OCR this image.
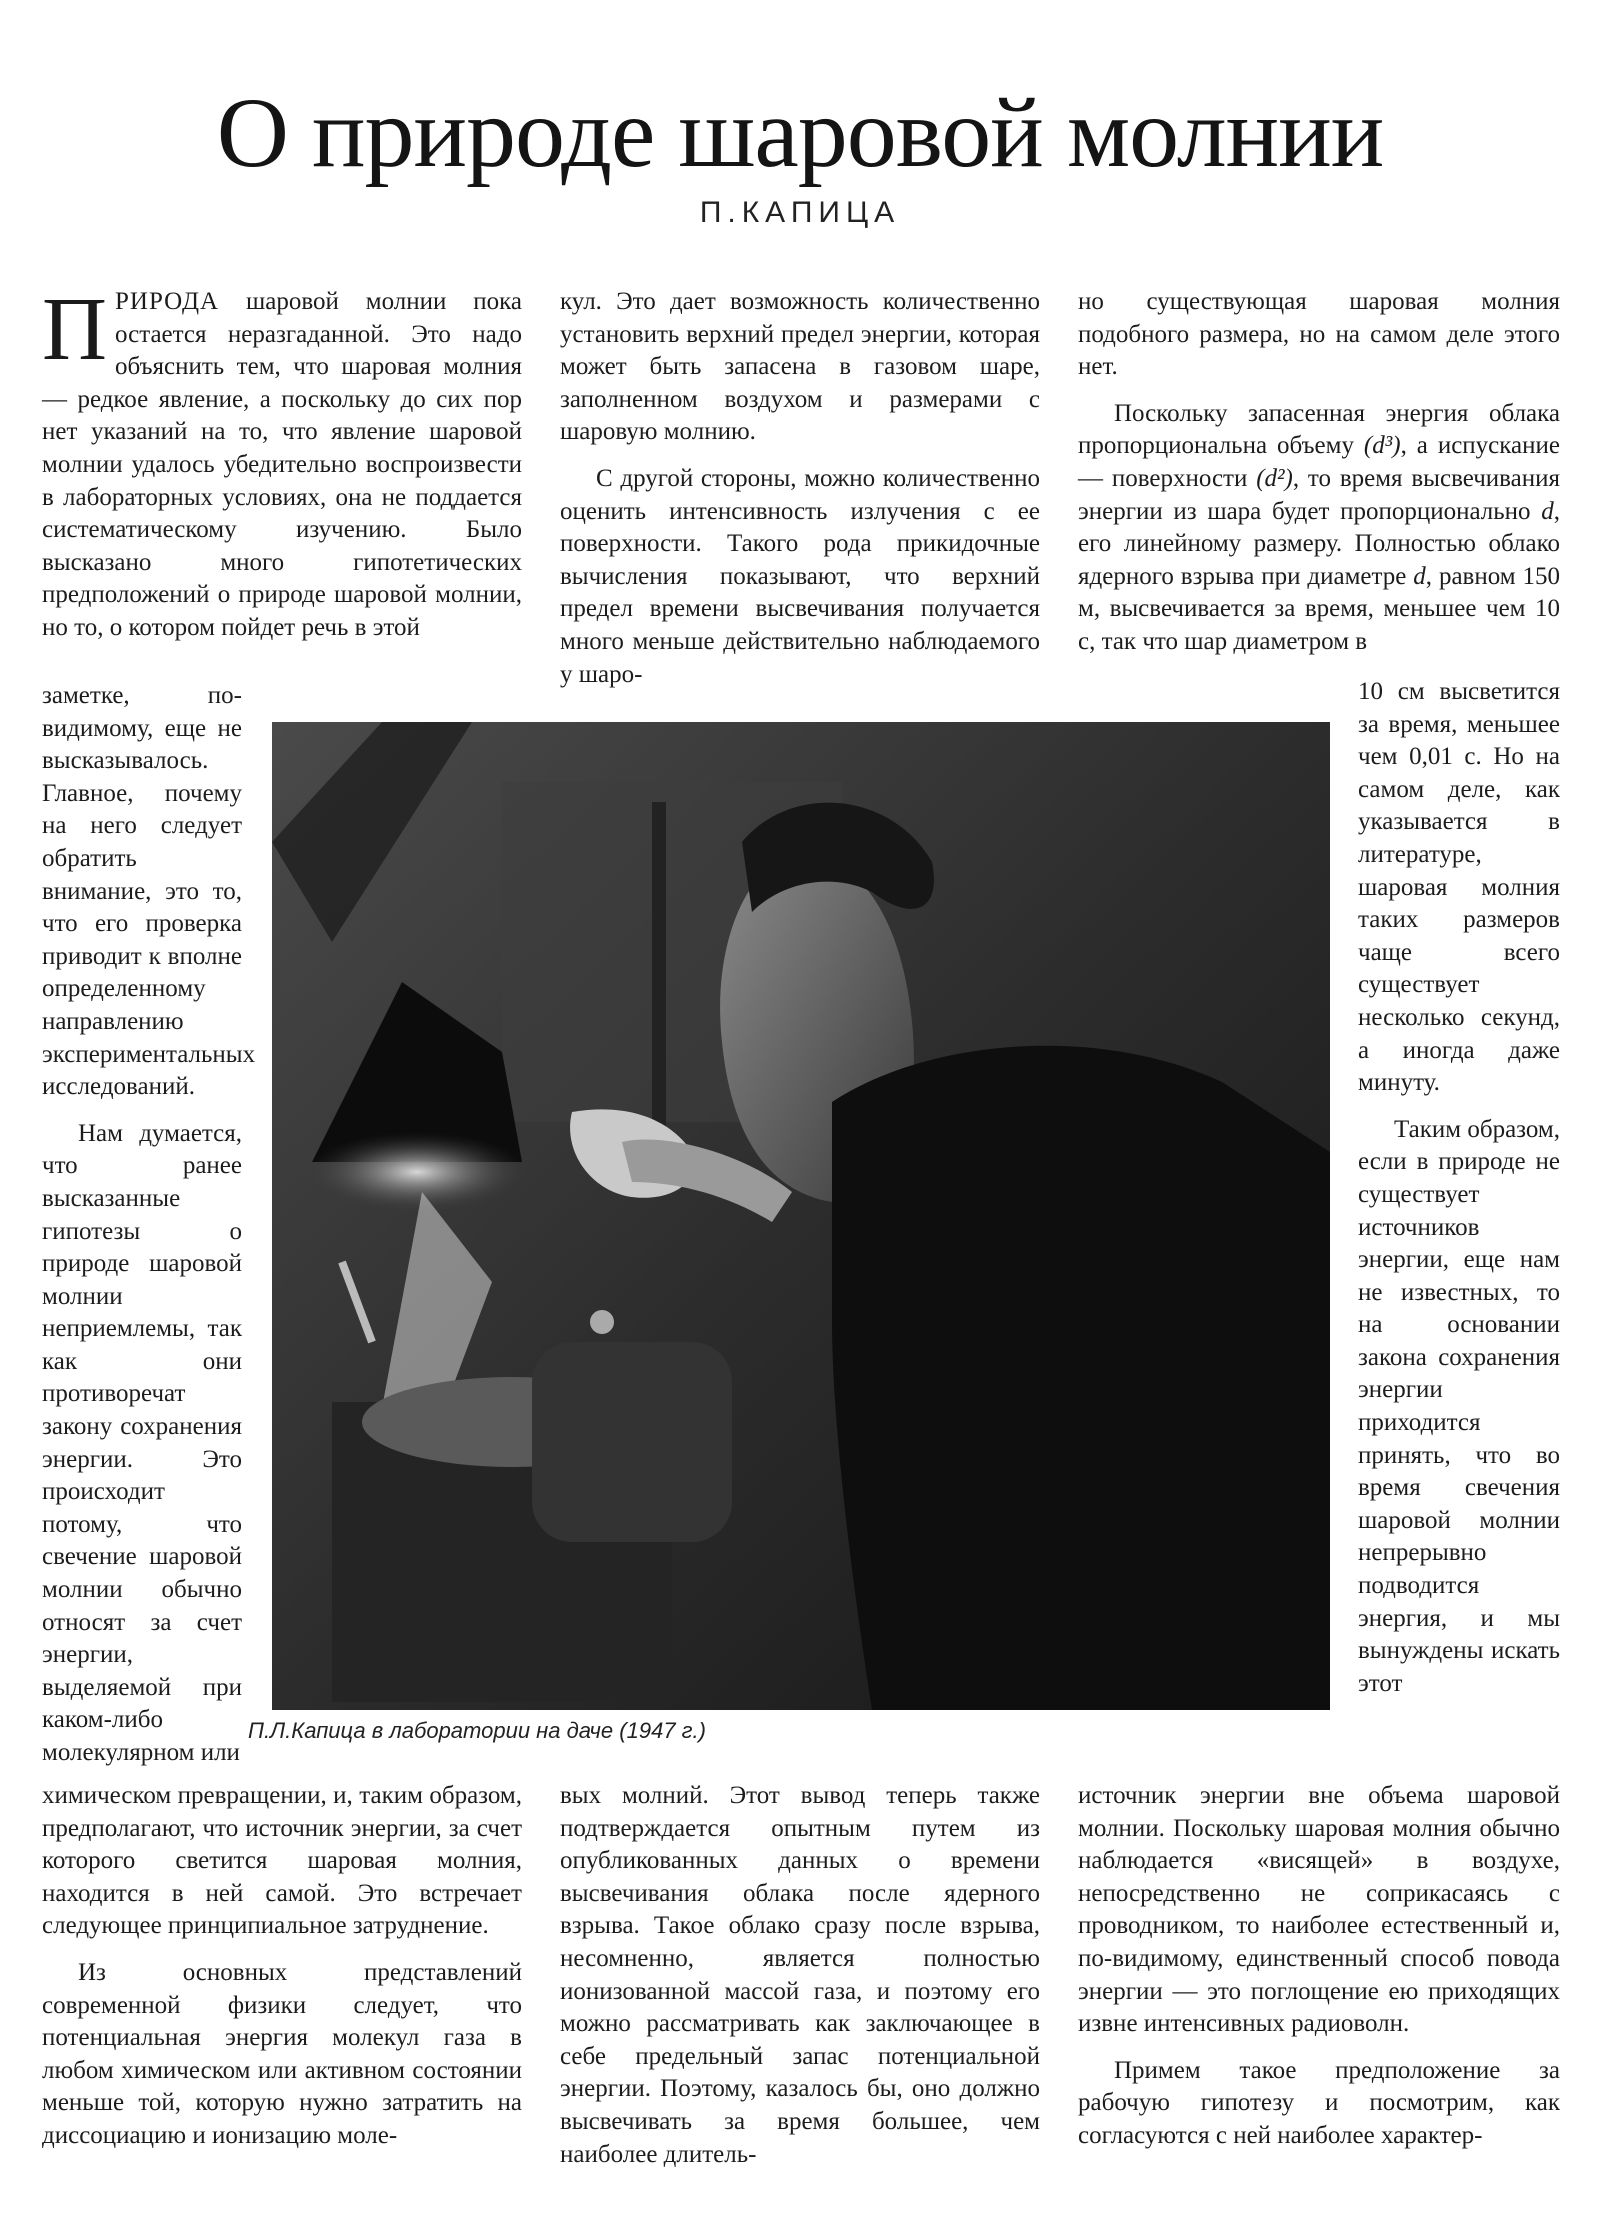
О природе шаровой молнии
П.КАПИЦА

ПРИРОДА шаровой молнии пока остается неразгаданной. Это надо объяснить тем, что шаровая молния — редкое явление, а поскольку до сих пор нет указаний на то, что явление шаровой молнии удалось убедительно воспроизвести в лабораторных условиях, она не поддается систематическому изучению. Было высказано много гипотетических предположений о природе шаровой молнии, но то, о котором пойдет речь в этой

заметке, по-видимому, еще не высказывалось. Главное, почему на него следует обратить внимание, это то, что его проверка приводит к вполне определенному направлению экспериментальных исследований.

Нам думается, что ранее высказанные гипотезы о природе шаровой молнии неприемлемы, так как они противоречат закону сохранения энергии. Это происходит потому, что свечение шаровой молнии обычно относят за счет энергии, выделяемой при каком-либо молекулярном или

химическом превращении, и, таким образом, предполагают, что источник энергии, за счет которого светится шаровая молния, находится в ней самой. Это встречает следующее принципиальное затруднение.

Из основных представлений современной физики следует, что потенциальная энергия молекул газа в любом химическом или активном состоянии меньше той, которую нужно затратить на диссоциацию и ионизацию моле-

кул. Это дает возможность количественно установить верхний предел энергии, которая может быть запасена в газовом шаре, заполненном воздухом и размерами с шаровую молнию.

С другой стороны, можно количественно оценить интенсивность излучения с ее поверхности. Такого рода прикидочные вычисления показывают, что верхний предел времени высвечивания получается много меньше действительно наблюдаемого у шаро-

вых молний. Этот вывод теперь также подтверждается опытным путем из опубликованных данных о времени высвечивания облака после ядерного взрыва. Такое облако сразу после взрыва, несомненно, является полностью ионизованной массой газа, и поэтому его можно рассматривать как заключающее в себе предельный запас потенциальной энергии. Поэтому, казалось бы, оно должно высвечивать за время большее, чем наиболее длитель-

но существующая шаровая молния подобного размера, но на самом деле этого нет.

Поскольку запасенная энергия облака пропорциональна объему (d³), а испускание — поверхности (d²), то время высвечивания энергии из шара будет пропорционально d, его линейному размеру. Полностью облако ядерного взрыва при диаметре d, равном 150 м, высвечивается за время, меньшее чем 10 с, так что шар диаметром в

10 см высветится за время, меньшее чем 0,01 с. Но на самом деле, как указывается в литературе, шаровая молния таких размеров чаще всего существует несколько секунд, а иногда даже минуту.

Таким образом, если в природе не существует источников энергии, еще нам не известных, то на основании закона сохранения энергии приходится принять, что во время свечения шаровой молнии непрерывно подводится энергия, и мы вынуждены искать этот

источник энергии вне объема шаровой молнии. Поскольку шаровая молния обычно наблюдается «висящей» в воздухе, непосредственно не соприкасаясь с проводником, то наиболее естественный и, по-видимому, единственный способ повода энергии — это поглощение ею приходящих извне интенсивных радиоволн.

Примем такое предположение за рабочую гипотезу и посмотрим, как согласуются с ней наиболее характер-

П.Л.Капица в лаборатории на даче (1947 г.)
